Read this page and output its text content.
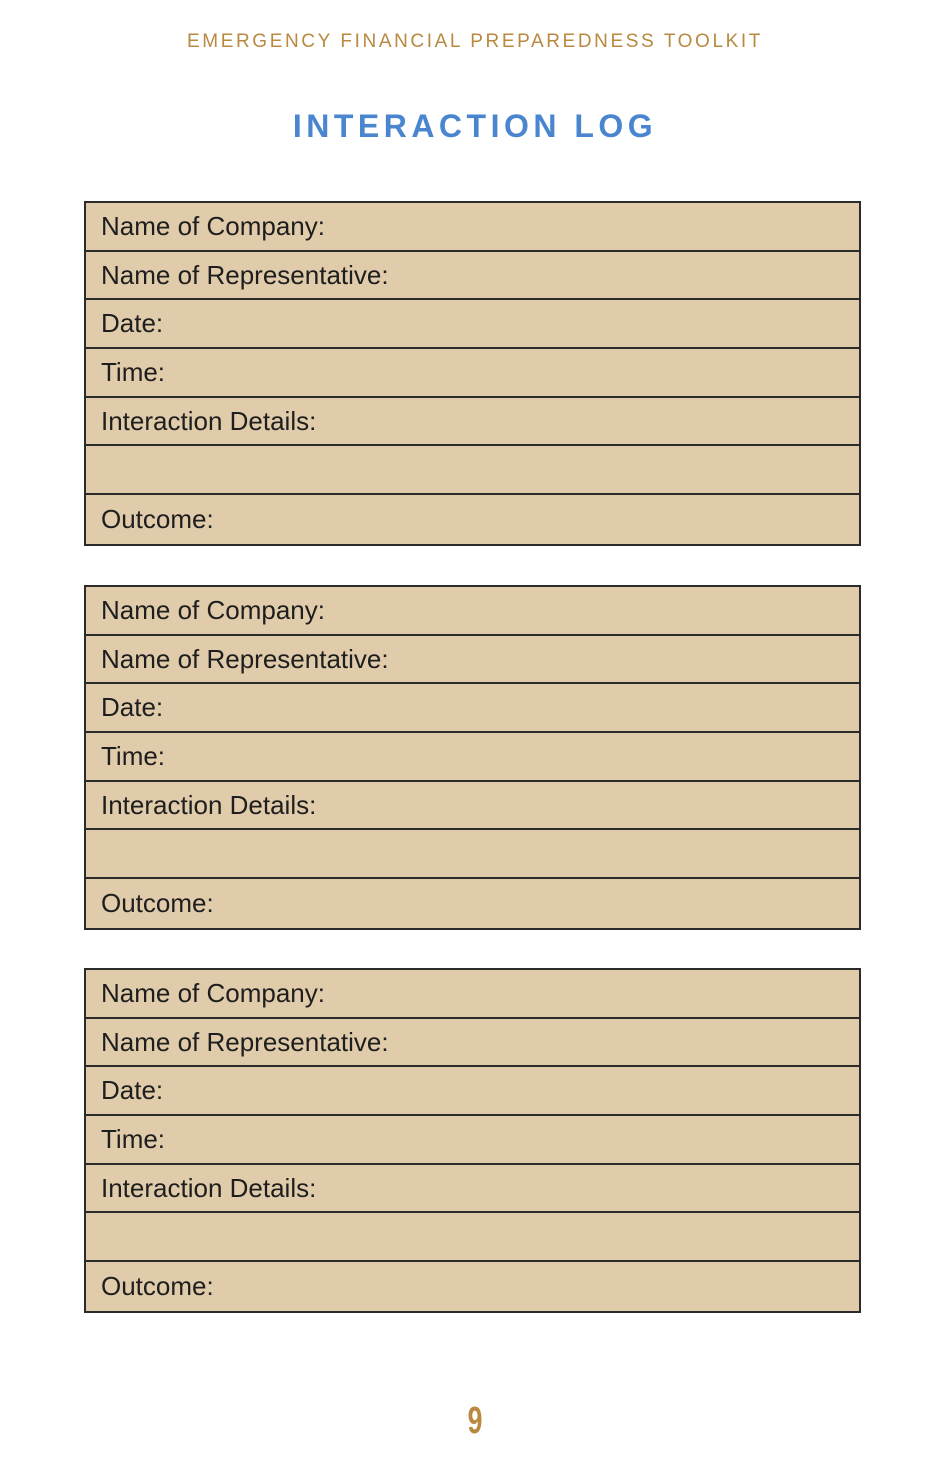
EMERGENCY FINANCIAL PREPAREDNESS TOOLKIT
INTERACTION LOG
Name of Company:
Name of Representative:
Date:
Time:
Interaction Details:
Outcome:
Name of Company:
Name of Representative:
Date:
Time:
Interaction Details:
Outcome:
Name of Company:
Name of Representative:
Date:
Time:
Interaction Details:
Outcome:
9
